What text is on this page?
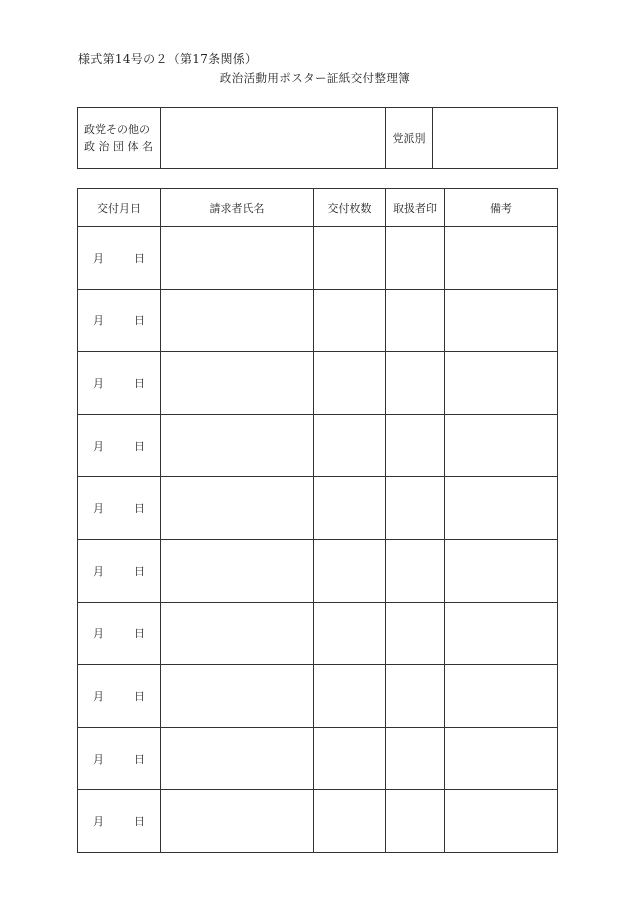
様式第14号の２（第17条関係）
政治活動用ポスター証紙交付整理簿
政党その他の
政 治 団 体 名
		党派別	
交付月日	請求者氏名	交付枚数	取扱者印	備考
月 日				
月 日				
月 日				
月 日				
月 日				
月 日				
月 日				
月 日				
月 日				
月 日				
